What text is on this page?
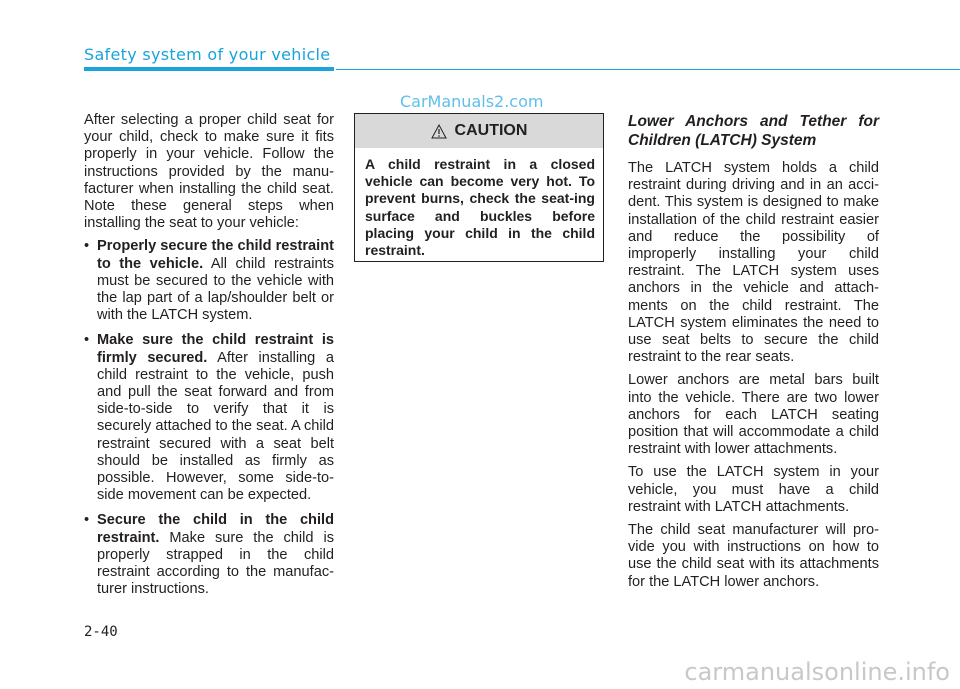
Safety system of your vehicle
CarManuals2.com

After selecting a proper child seat for your child, check to make sure it fits properly in your vehicle. Follow the instructions provided by the manu-facturer when installing the child seat. Note these general steps when installing the seat to your vehicle:

• Properly secure the child restraint to the vehicle. All child restraints must be secured to the vehicle with the lap part of a lap/shoulder belt or with the LATCH system.
• Make sure the child restraint is firmly secured. After installing a child restraint to the vehicle, push and pull the seat forward and from side-to-side to verify that it is securely attached to the seat. A child restraint secured with a seat belt should be installed as firmly as possible. However, some side-to-side movement can be expected.
• Secure the child in the child restraint. Make sure the child is properly strapped in the child restraint according to the manufac-turer instructions.
CAUTION
A child restraint in a closed vehicle can become very hot. To prevent burns, check the seat-ing surface and buckles before placing your child in the child restraint.
Lower Anchors and Tether for Children (LATCH) System

The LATCH system holds a child restraint during driving and in an acci-dent. This system is designed to make installation of the child restraint easier and reduce the possibility of improperly installing your child restraint. The LATCH system uses anchors in the vehicle and attach-ments on the child restraint. The LATCH system eliminates the need to use seat belts to secure the child restraint to the rear seats.

Lower anchors are metal bars built into the vehicle. There are two lower anchors for each LATCH seating position that will accommodate a child restraint with lower attachments.

To use the LATCH system in your vehicle, you must have a child restraint with LATCH attachments.

The child seat manufacturer will pro-vide you with instructions on how to use the child seat with its attachments for the LATCH lower anchors.

2-40
carmanualsonline.info
